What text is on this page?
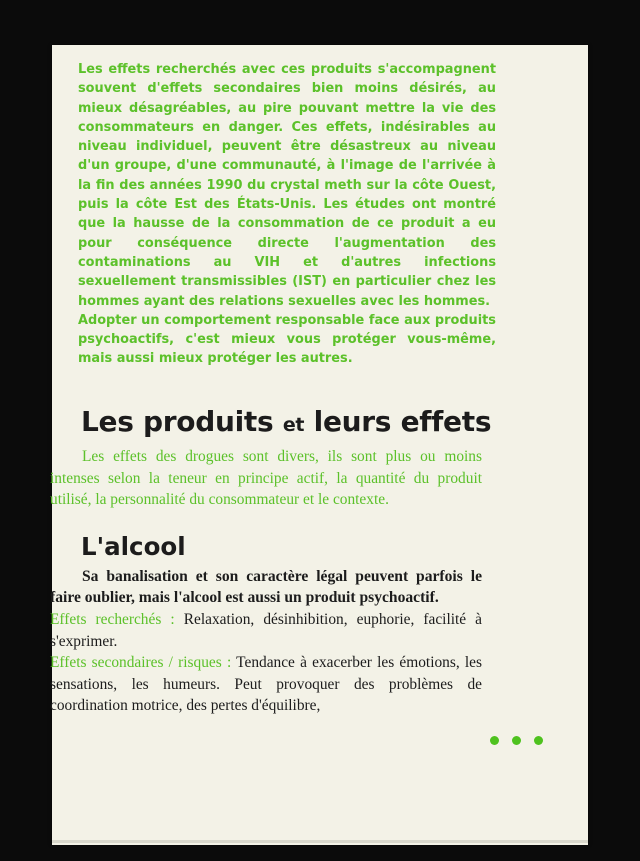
Les effets recherchés avec ces produits s'accompagnent souvent d'effets secondaires bien moins désirés, au mieux désagréables, au pire pouvant mettre la vie des consommateurs en danger. Ces effets, indésirables au niveau individuel, peuvent être désastreux au niveau d'un groupe, d'une communauté, à l'image de l'arrivée à la fin des années 1990 du crystal meth sur la côte Ouest, puis la côte Est des États-Unis. Les études ont montré que la hausse de la consommation de ce produit a eu pour conséquence directe l'augmentation des contaminations au VIH et d'autres infections sexuellement transmissibles (IST) en particulier chez les hommes ayant des relations sexuelles avec les hommes.

Adopter un comportement responsable face aux produits psychoactifs, c'est mieux vous protéger vous-même, mais aussi mieux protéger les autres.

Les produits et leurs effets
Les effets des drogues sont divers, ils sont plus ou moins intenses selon la teneur en principe actif, la quantité du produit utilisé, la personnalité du consommateur et le contexte.
L'alcool
Sa banalisation et son caractère légal peuvent parfois le faire oublier, mais l'alcool est aussi un produit psychoactif.

Effets recherchés : Relaxation, désinhibition, euphorie, facilité à s'exprimer.

Effets secondaires / risques : Tendance à exacerber les émotions, les sensations, les humeurs. Peut provoquer des problèmes de coordination motrice, des pertes d'équilibre,
